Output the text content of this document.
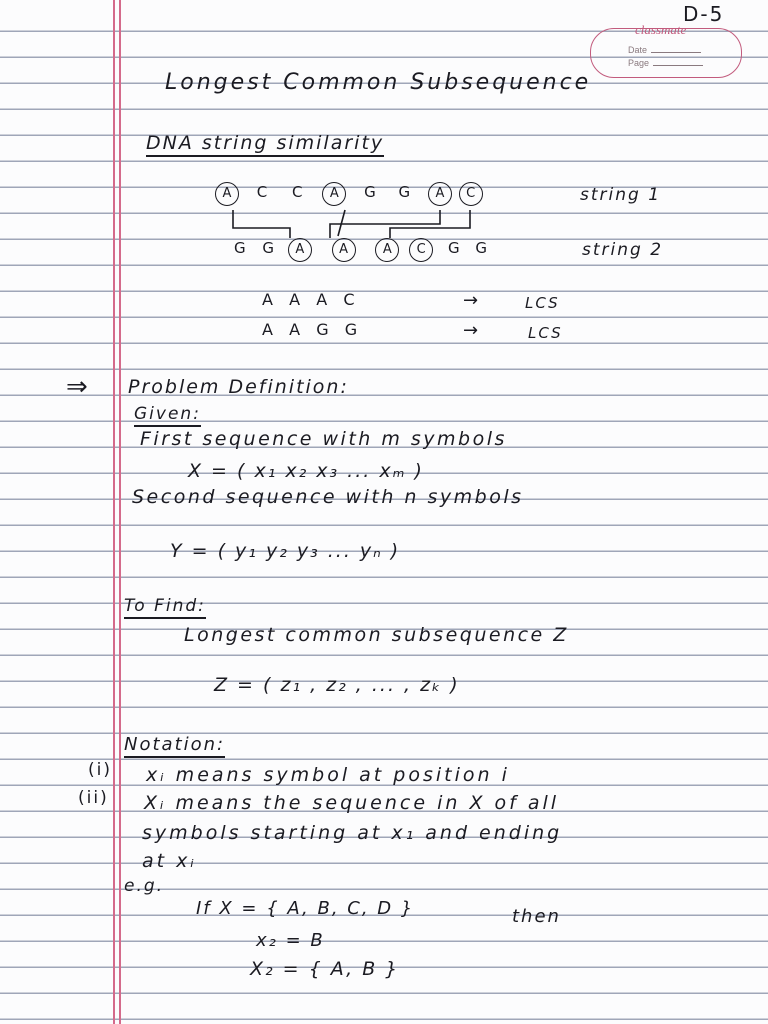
D-5
classmate
Date
Page
Longest Common Subsequence
DNA string similarity
A C C A G G A C	string 1
G G A	A	A C G G	string 2
A  A  A  C	→	LCS
A  A  G  G	→	LCS
⇒ Problem Definition:
Given:
First sequence with m symbols
X = ( x₁ x₂ x₃ ... xₘ )
Second sequence with n symbols
Y = ( y₁ y₂ y₃ ... yₙ )
To Find:
Longest common subsequence Z
Z = ( z₁ , z₂ , ... , zₖ )
Notation:
(i) xᵢ means symbol at position i
(ii) Xᵢ means the sequence in X of all
symbols starting at x₁ and ending
at xᵢ
e.g.
If X = { A, B, C, D }	then
x₂ = B
X₂ = { A, B }
